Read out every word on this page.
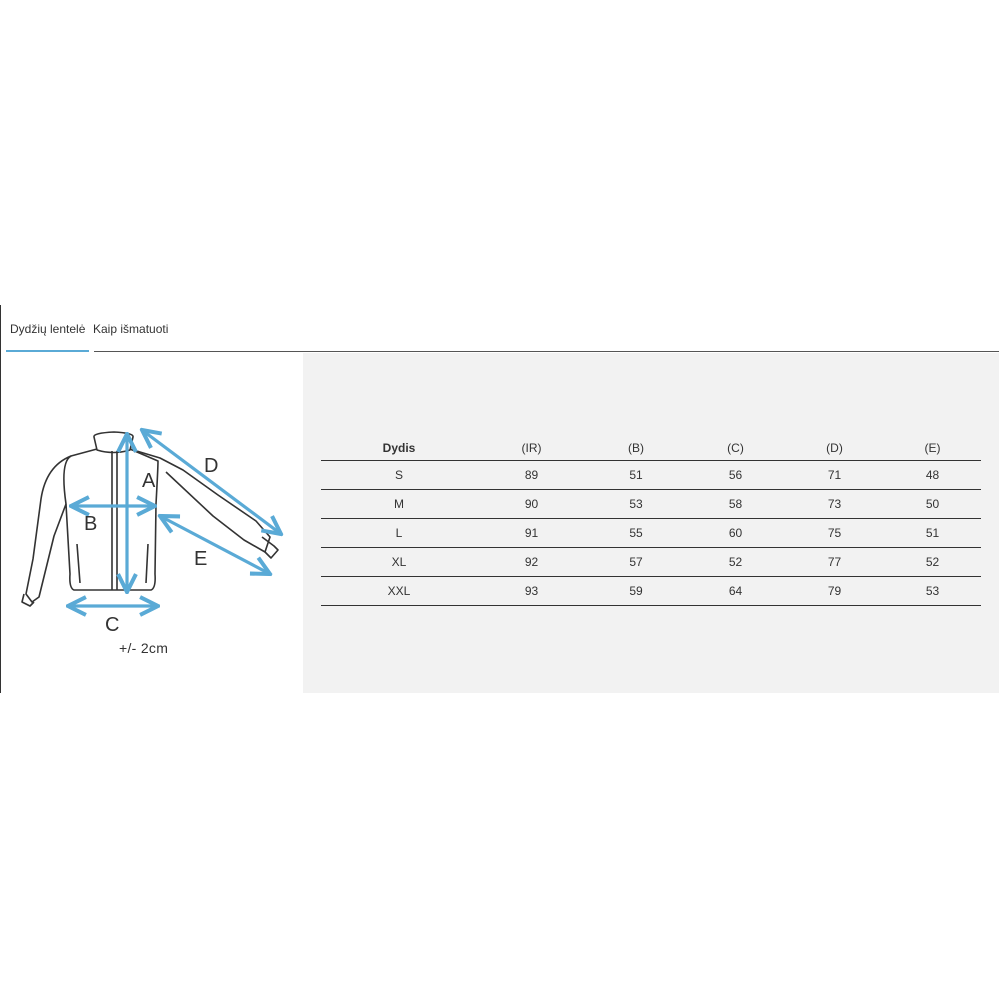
Dydžių lentelė Kaip išmatuoti
A
B
C
D
E
+/- 2cm
Dydis	(IR)	(B)	(C)	(D)	(E)
S	89	51	56	71	48
M	90	53	58	73	50
L	91	55	60	75	51
XL	92	57	52	77	52
XXL	93	59	64	79	53
